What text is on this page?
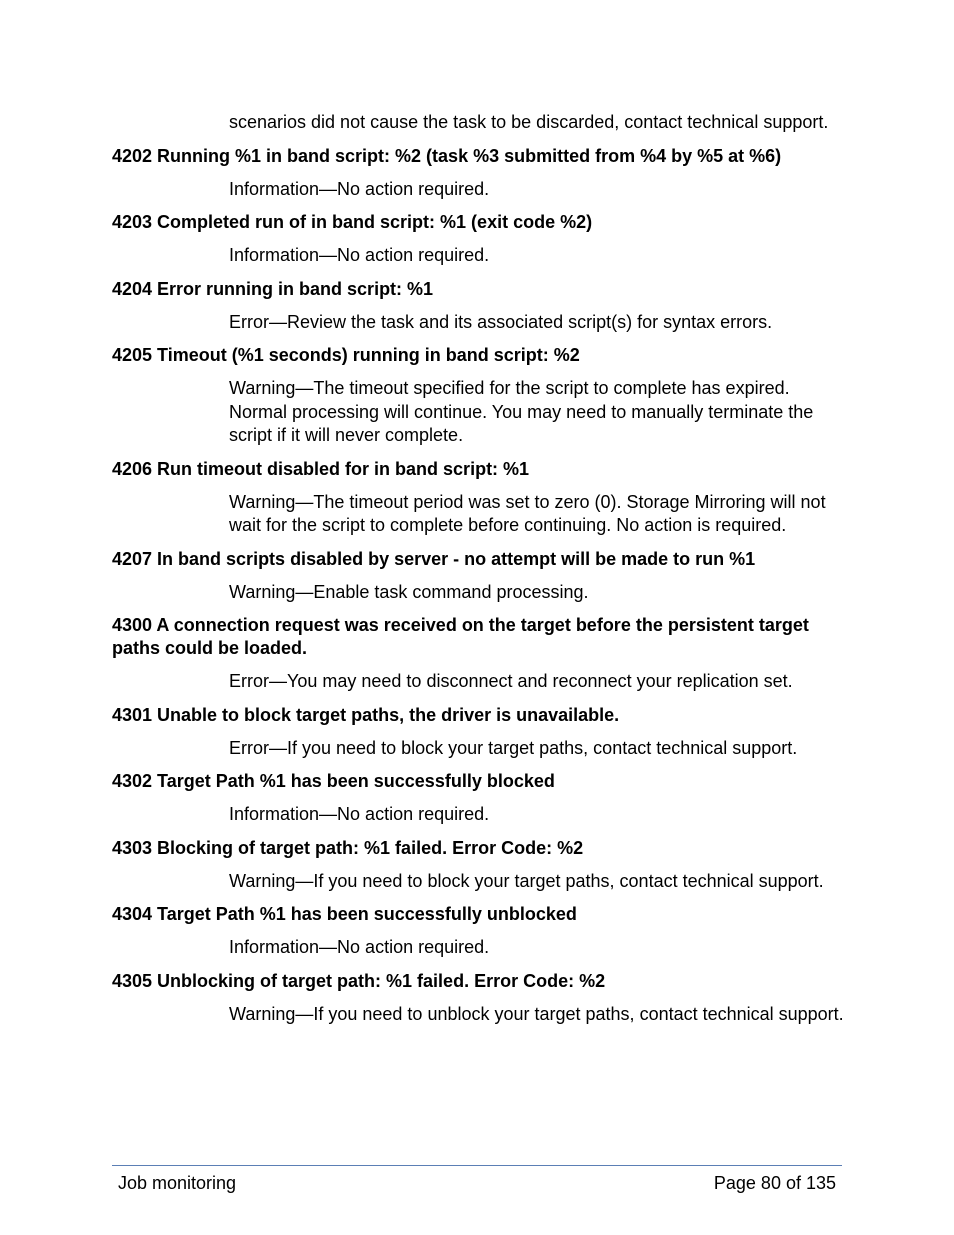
scenarios did not cause the task to be discarded, contact technical support.

4202 Running %1 in band script: %2 (task %3 submitted from %4 by %5 at %6)

Information—No action required.

4203 Completed run of in band script: %1 (exit code %2)

Information—No action required.

4204 Error running in band script: %1

Error—Review the task and its associated script(s) for syntax errors.

4205 Timeout (%1 seconds) running in band script: %2

Warning—The timeout specified for the script to complete has expired. Normal processing will continue. You may need to manually terminate the script if it will never complete.

4206 Run timeout disabled for in band script: %1

Warning—The timeout period was set to zero (0). Storage Mirroring will not wait for the script to complete before continuing. No action is required.

4207 In band scripts disabled by server - no attempt will be made to run %1

Warning—Enable task command processing.

4300 A connection request was received on the target before the persistent target paths could be loaded.

Error—You may need to disconnect and reconnect your replication set.

4301 Unable to block target paths, the driver is unavailable.

Error—If you need to block your target paths, contact technical support.

4302 Target Path %1 has been successfully blocked

Information—No action required.

4303 Blocking of target path: %1 failed. Error Code: %2

Warning—If you need to block your target paths, contact technical support.

4304 Target Path %1 has been successfully unblocked

Information—No action required.

4305 Unblocking of target path: %1 failed. Error Code: %2

Warning—If you need to unblock your target paths, contact technical support.

Job monitoring	Page 80 of 135
